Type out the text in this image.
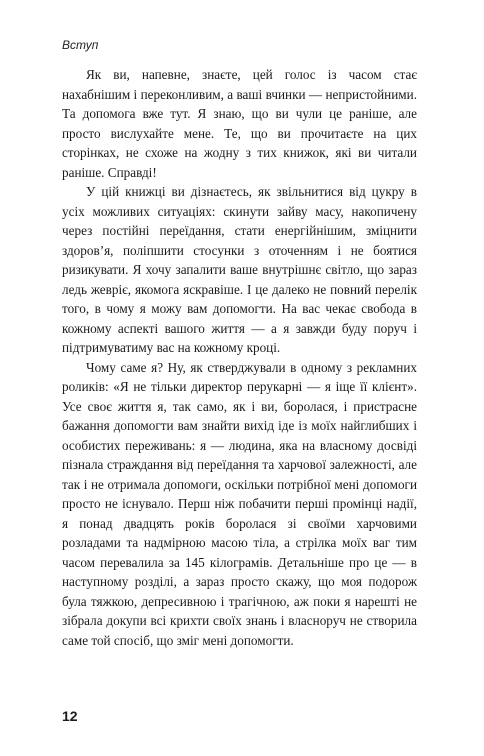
Вступ

Як ви, напевне, знаєте, цей голос із часом стає нахабнішим і переконливим, а ваші вчинки — непристойними. Та допомога вже тут. Я знаю, що ви чули це раніше, але просто вислухайте мене. Те, що ви прочитаєте на цих сторінках, не схоже на жодну з тих книжок, які ви читали раніше. Справді!

У цій книжці ви дізнаєтесь, як звільнитися від цукру в усіх можливих ситуаціях: скинути зайву масу, накопичену через постійні переїдання, стати енергійнішим, зміцнити здоров’я, поліпшити стосунки з оточенням і не боятися ризикувати. Я хочу запалити ваше внутрішнє світло, що зараз ледь жевріє, якомога яскравіше. І це далеко не повний перелік того, в чому я можу вам допомогти. На вас чекає свобода в кожному аспекті вашого життя — а я завжди буду поруч і підтримуватиму вас на кожному кроці.

Чому саме я? Ну, як стверджували в одному з рекламних роликів: «Я не тільки директор перукарні — я іще її клієнт». Усе своє життя я, так само, як і ви, боролася, і пристрасне бажання допомогти вам знайти вихід іде із моїх найглибших і особистих переживань: я — людина, яка на власному досвіді пізнала страждання від переїдання та харчової залежності, але так і не отримала допомоги, оскільки потрібної мені допомоги просто не існувало. Перш ніж побачити перші промінці надії, я понад двадцять років боролася зі своїми харчовими розладами та надмірною масою тіла, а стрілка моїх ваг тим часом перевалила за 145 кілограмів. Детальніше про це — в наступному розділі, а зараз просто скажу, що моя подорож була тяжкою, депресивною і трагічною, аж поки я нарешті не зібрала докупи всі крихти своїх знань і власноруч не створила саме той спосіб, що зміг мені допомогти.

12
